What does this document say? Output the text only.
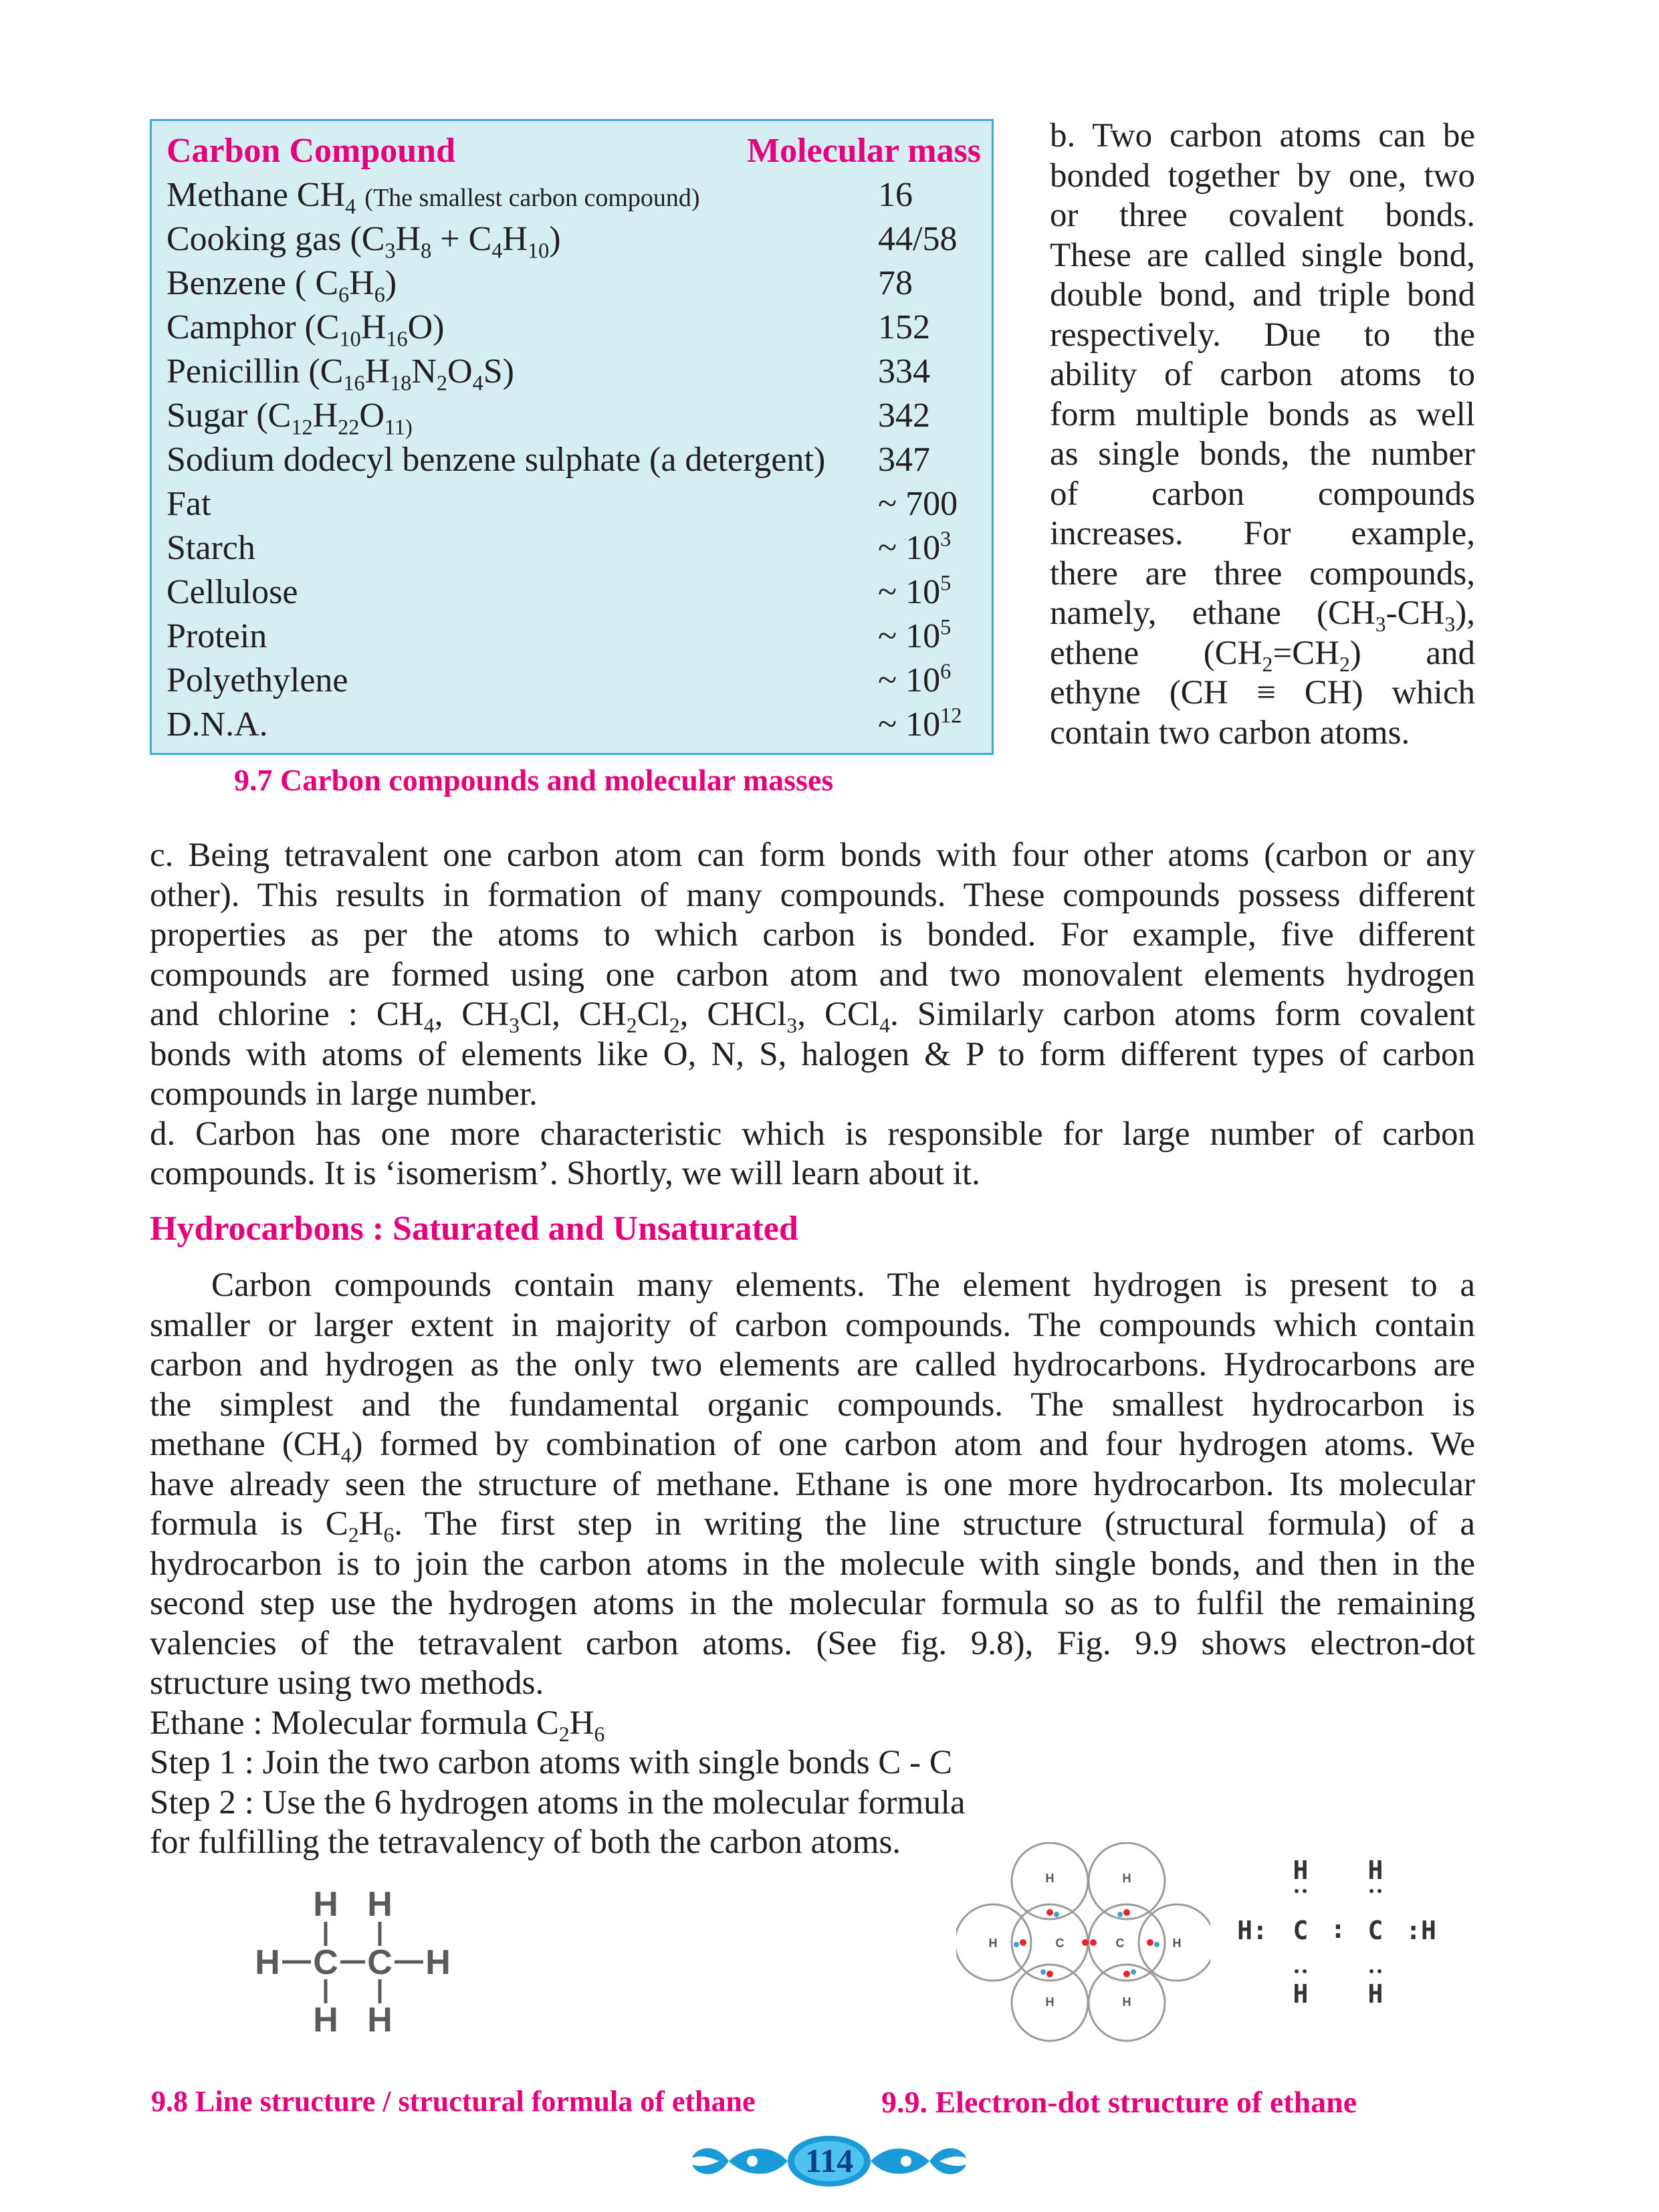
Carbon Compound	Molecular mass
Methane $CH_4$ (The smallest carbon compound)	16
Cooking gas $(C_3H_8 + C_4H_{10})$	44/58
Benzene ( $C_6H_6$)	78
Camphor $(C_{10}H_{16}O)$	152
Penicillin $(C_{16}H_{18}N_2O_4S)$	334
Sugar ($C_{12}H_{22}O_{11)}$	342
Sodium dodecyl benzene sulphate (a detergent) 347
Fat	~ 700
Starch	~ $10^3$
Cellulose	~ $10^5$
Protein	~ $10^5$
Polyethylene	~ $10^6$
D.N.A.	~ $10^{12}$
9.7 Carbon compounds and molecular masses
b. Two carbon atoms can be
bonded together by one, two
or three covalent bonds.
These are called single bond,
double bond, and triple bond
respectively. Due to the
ability of carbon atoms to
form multiple bonds as well
as single bonds, the number
of carbon compounds
increases. For example,
there are three compounds,
namely, ethane $(CH_3-CH_3)$,
ethene $(CH_2=CH_2)$ and
ethyne (CH ≡ CH) which
contain two carbon atoms.
c. Being tetravalent one carbon atom can form bonds with four other atoms (carbon or any
other). This results in formation of many compounds. These compounds possess different
properties as per the atoms to which carbon is bonded. For example, five different
compounds are formed using one carbon atom and two monovalent elements hydrogen
and chlorine : $CH_4$, $CH_3Cl$, $CH_2Cl_2$, CHCl$_3$, CCl$_4$. Similarly carbon atoms form covalent
bonds with atoms of elements like O, N, S, halogen & P to form different types of carbon
compounds in large number.
d. Carbon has one more characteristic which is responsible for large number of carbon
compounds. It is ‘isomerism’. Shortly, we will learn about it.
Hydrocarbons : Saturated and Unsaturated
Carbon compounds contain many elements. The element hydrogen is present to a
smaller or larger extent in majority of carbon compounds. The compounds which contain
carbon and hydrogen as the only two elements are called hydrocarbons. Hydrocarbons are
the simplest and the fundamental organic compounds. The smallest hydrocarbon is
methane $(CH_4)$ formed by combination of one carbon atom and four hydrogen atoms. We
have already seen the structure of methane. Ethane is one more hydrocarbon. Its molecular
formula is $C_2H_6$. The first step in writing the line structure (structural formula) of a
hydrocarbon is to join the carbon atoms in the molecule with single bonds, and then in the
second step use the hydrogen atoms in the molecular formula so as to fulfil the remaining
valencies of the tetravalent carbon atoms. (See fig. 9.8), Fig. 9.9 shows electron-dot
structure using two methods.
Ethane : Molecular formula $C_2H_6$
Step 1 : Join the two carbon atoms with single bonds C - C
Step 2 : Use the 6 hydrogen atoms in the molecular formula
for fulfilling the tetravalency of both the carbon atoms.
H H
H C C H
H H
H	H
H	C	C	H
H	H
H H
H: C : C :H
H H
9.8 Line structure / structural formula of ethane	9.9. Electron-dot structure of ethane
114
